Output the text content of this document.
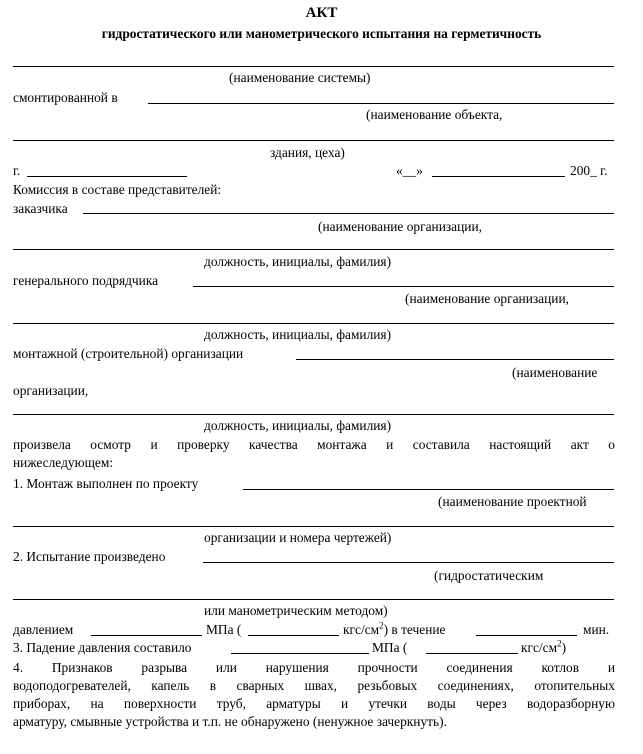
АКТ
гидростатического или манометрического испытания на герметичность
(наименование системы)
смонтированной в
(наименование объекта,
здания, цеха)
г.	«__»	200_ г.
Комиссия в составе представителей:
заказчика
(наименование организации,
должность, инициалы, фамилия)
генерального подрядчика
(наименование организации,
должность, инициалы, фамилия)
монтажной (строительной) организации
(наименование
организации,
должность, инициалы, фамилия)
произвела осмотр и проверку качества монтажа и составила настоящий акт о
нижеследующем:
1. Монтаж выполнен по проекту
(наименование проектной
организации и номера чертежей)
2. Испытание произведено
(гидростатическим
или манометрическим методом)
давлением	МПа (	кгс/$см^2$) в течение	мин.
3. Падение давления составило	МПа (	кгс/$см^2$)
4. Признаков разрыва или нарушения прочности соединения котлов и
водоподогревателей, капель в сварных швах, резьбовых соединениях, отопительных
приборах, на поверхности труб, арматуры и утечки воды через водоразборную
арматуру, смывные устройства и т.п. не обнаружено (ненужное зачеркнуть).
